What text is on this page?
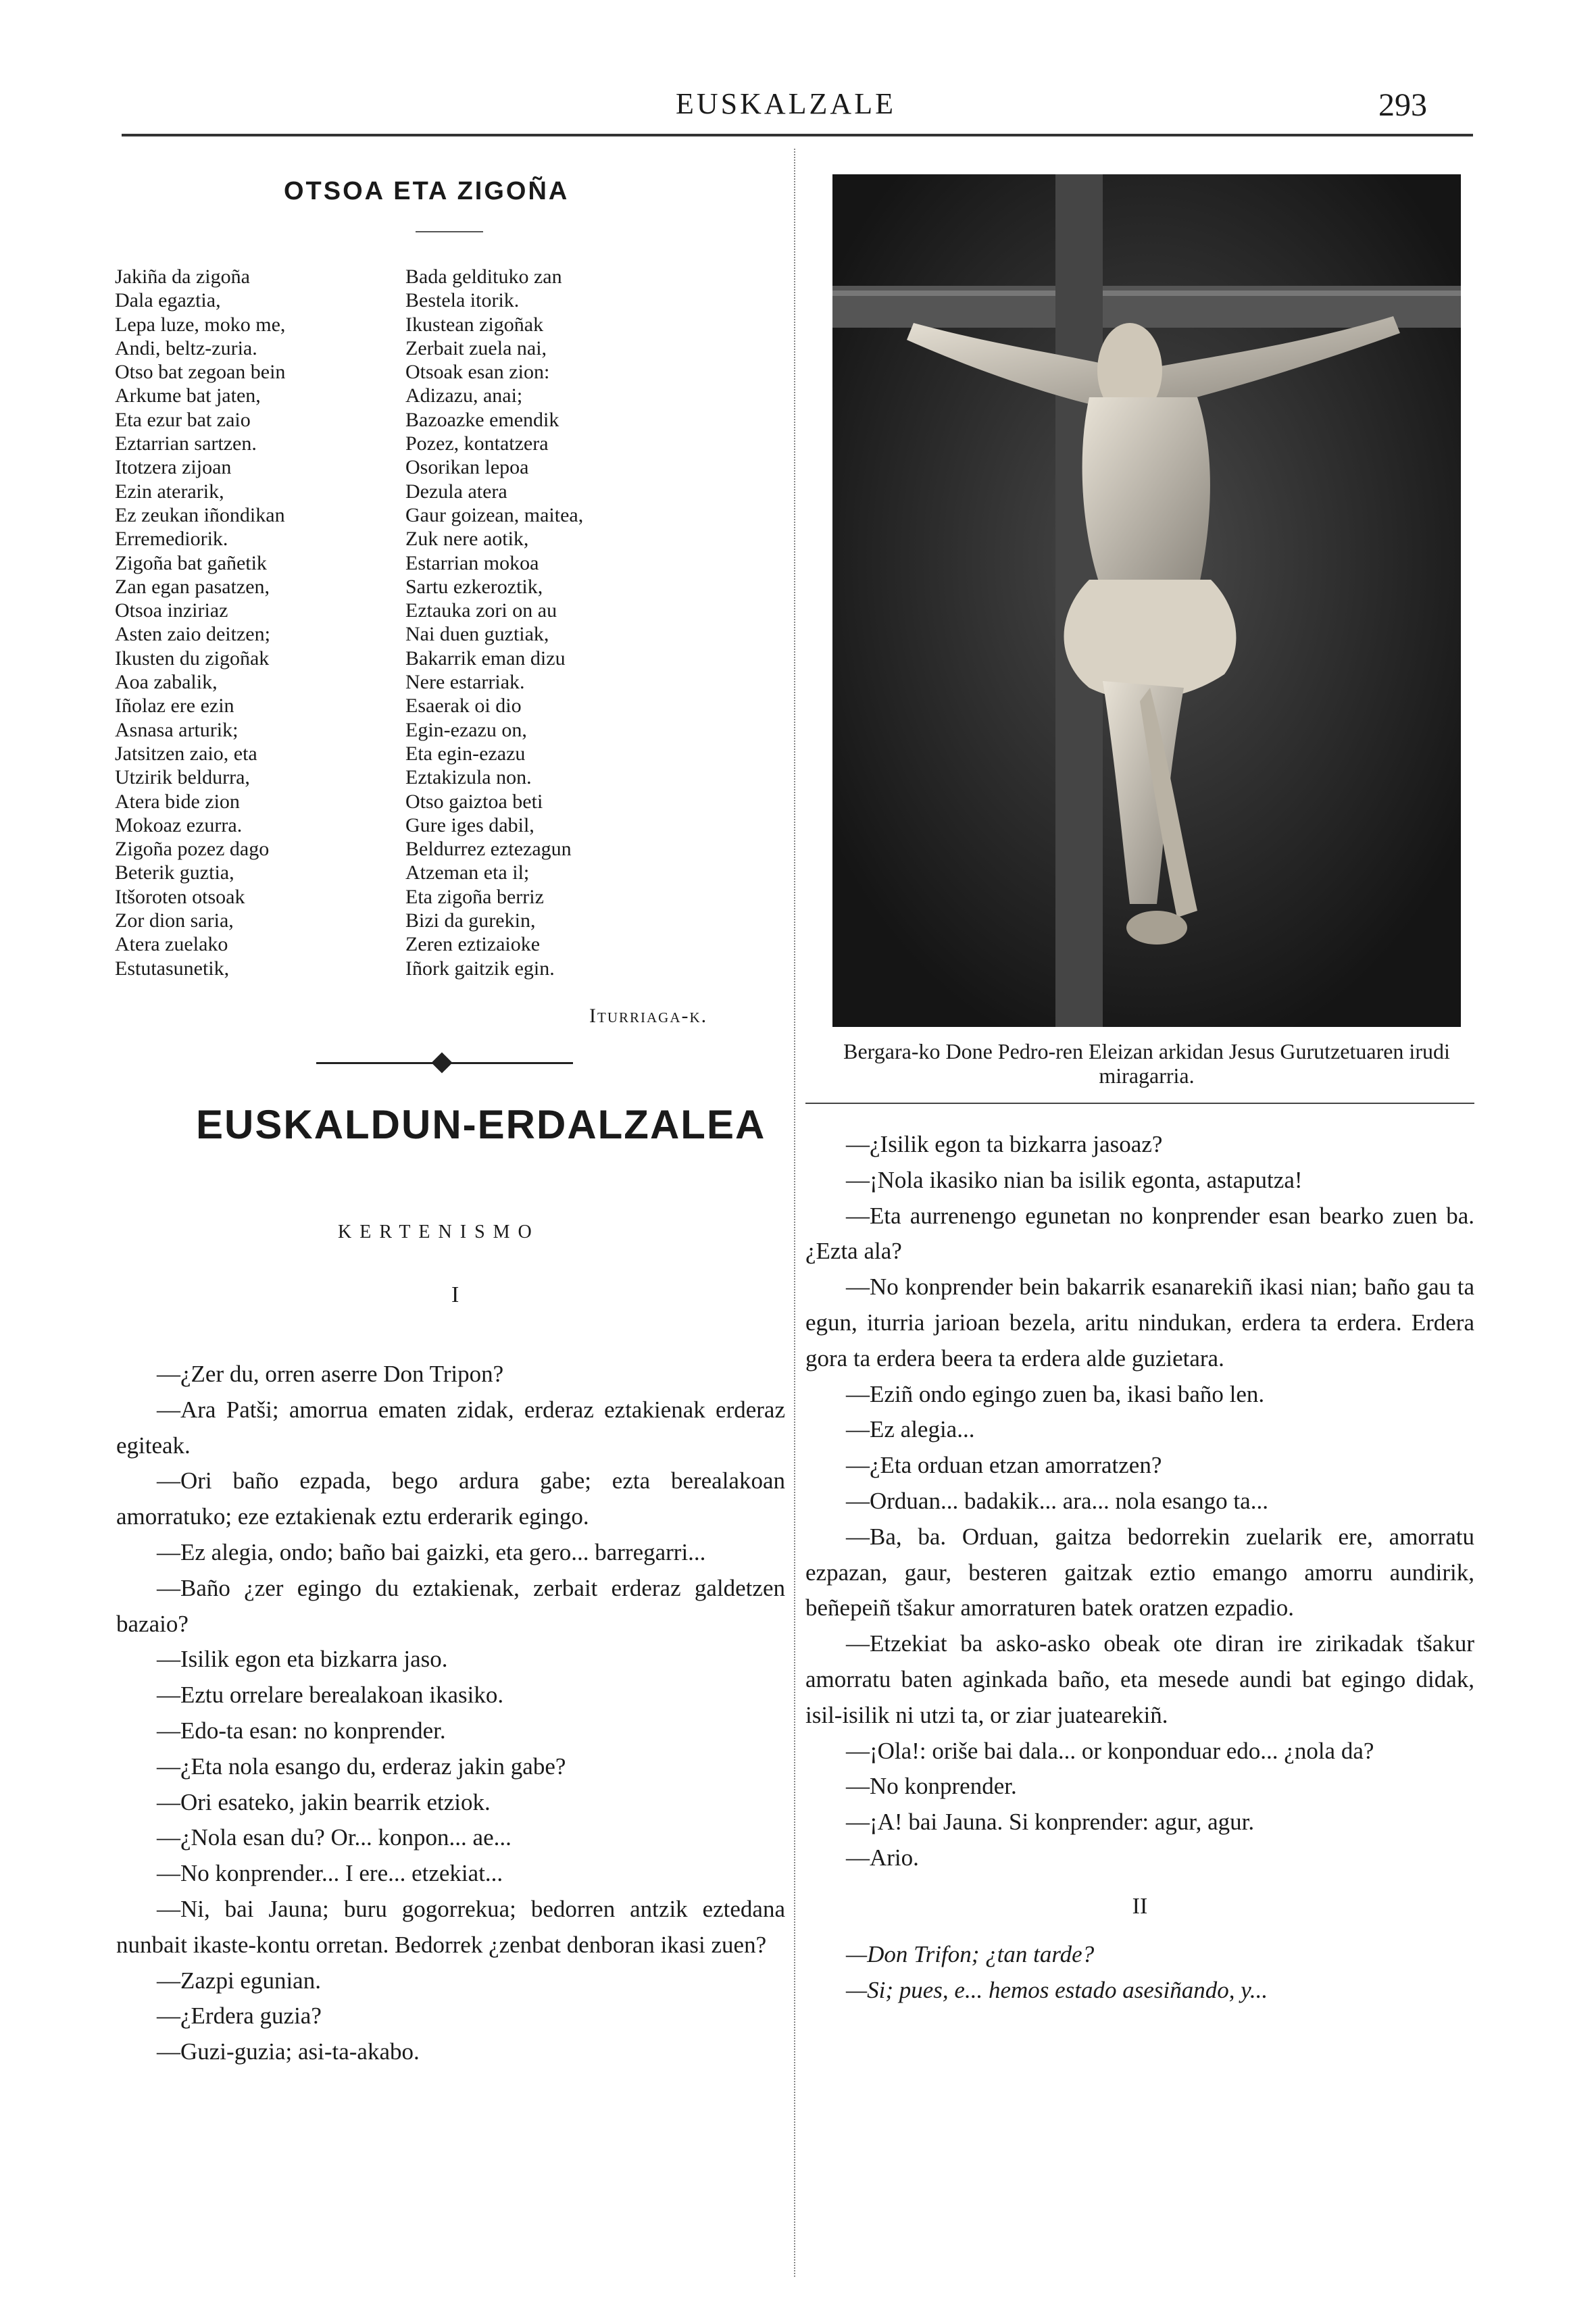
EUSKALZALE	293
OTSOA ETA ZIGOÑA
Jakiña da zigoña
Dala egaztia,
Lepa luze, moko me,
Andi, beltz-zuria.
Otso bat zegoan bein
Arkume bat jaten,
Eta ezur bat zaio
Eztarrian sartzen.
Itotzera zijoan
Ezin aterarik,
Ez zeukan iñondikan
Erremediorik.
Zigoña bat gañetik
Zan egan pasatzen,
Otsoa inziriaz
Asten zaio deitzen;
Ikusten du zigoñak
Aoa zabalik,
Iñolaz ere ezin
Asnasa arturik;
Jatsitzen zaio, eta
Utzirik beldurra,
Atera bide zion
Mokoaz ezurra.
Zigoña pozez dago
Beterik guztia,
Itšoroten otsoak
Zor dion saria,
Atera zuelako
Estutasunetik,
Bada gelditukо zan
Bestela itorik.
Ikustean zigoñak
Zerbait zuela nai,
Otsoak esan zion:
Adizazu, anai;
Bazoazke emendik
Pozez, kontatzera
Osorikan lepoa
Dezula atera
Gaur goizean, maitea,
Zuk nere aotik,
Estarrian mokoa
Sartu ezkeroztik,
Eztauka zori on au
Nai duen guztiak,
Bakarrik eman dizu
Nere estarriak.
Esaerak oi dio
Egin-ezazu on,
Eta egin-ezazu
Eztakizula non.
Otso gaiztoa beti
Gure iges dabil,
Beldurrez eztezagun
Atzeman eta il;
Eta zigoña berriz
Bizi da gurekin,
Zeren eztizaioke
Iñork gaitzik egin.
Iturriaga-k.
EUSKALDUN-ERDALZALEA
KERTENISMO
I
Bergara-ko Done Pedro-ren Eleizan arkidan Jesus Gurutzetuaren irudi miragarria.

—¿Zer du, orren aserre Don Tripon?

—Ara Patši; amorrua ematen zidak, erderaz eztakienak erderaz egiteak.

—Ori baño ezpada, bego ardura gabe; ezta berealakoan amorratuko; eze eztakienak eztu erderarik egingo.

—Ez alegia, ondo; baño bai gaizki, eta gero... barregarri...

—Baño ¿zer egingo du eztakienak, zerbait erderaz galdetzen bazaio?

—Isilik egon eta bizkarra jaso.

—Eztu orrelare berealakoan ikasiko.

—Edo-ta esan: no konprender.

—¿Eta nola esango du, erderaz jakin gabe?

—Ori esateko, jakin bearrik etziok.

—¿Nola esan du? Or... konpon... ae...

—No konprender... I ere... etzekiat...

—Ni, bai Jauna; buru gogorrekua; bedorren antzik eztedana nunbait ikaste-kontu orretan. Bedorrek ¿zenbat denboran ikasi zuen?

—Zazpi egunian.

—¿Erdera guzia?

—Guzi-guzia; asi-ta-akabo.

—¿Isilik egon ta bizkarra jasoaz?

—¡Nola ikasiko nian ba isilik egonta, astaputza!

—Eta aurrenengo egunetan no konprender esan bearko zuen ba. ¿Ezta ala?

—No konprender bein bakarrik esanarekiñ ikasi nian; baño gau ta egun, iturria jarioan bezela, aritu nindukan, erdera ta erdera. Erdera gora ta erdera beera ta erdera alde guzietara.

—Eziñ ondo egingo zuen ba, ikasi baño len.

—Ez alegia...

—¿Eta orduan etzan amorratzen?

—Orduan... badakik... ara... nola esango ta...

—Ba, ba. Orduan, gaitza bedorrekin zuelarik ere, amorratu ezpazan, gaur, besteren gaitzak eztio emango amorru aundirik, beñepeiñ tšakur amorraturen batek oratzen ezpadio.

—Etzekiat ba asko-asko obeak ote diran ire zirikadak tšakur amorratu baten aginkada baño, eta mesede aundi bat egingo didak, isil-isilik ni utzi ta, or ziar juatearekiñ.

—¡Ola!: oriše bai dala... or konponduar edo... ¿nola da?

—No konprender.

—¡A! bai Jauna. Si konprender: agur, agur.

—Ario.

II

—Don Trifon; ¿tan tarde?

—Si; pues, e... hemos estado asesiñando, y...
